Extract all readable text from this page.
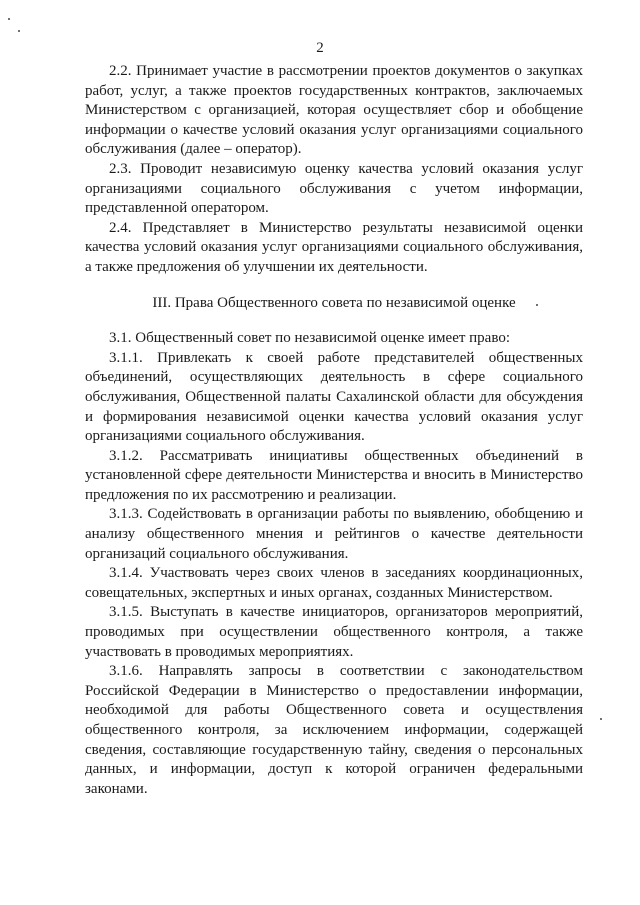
2

2.2. Принимает участие в рассмотрении проектов документов о закупках работ, услуг, а также проектов государственных контрактов, заключаемых Министерством с организацией, которая осуществляет сбор и обобщение информации о качестве условий оказания услуг организациями социального обслуживания (далее – оператор).

2.3. Проводит независимую оценку качества условий оказания услуг организациями социального обслуживания с учетом информации, представленной оператором.

2.4. Представляет в Министерство результаты независимой оценки качества условий оказания услуг организациями социального обслуживания, а также предложения об улучшении их деятельности.

III. Права Общественного совета по независимой оценке

3.1. Общественный совет по независимой оценке имеет право:

3.1.1. Привлекать к своей работе представителей общественных объединений, осуществляющих деятельность в сфере социального обслуживания, Общественной палаты Сахалинской области для обсуждения и формирования независимой оценки качества условий оказания услуг организациями социального обслуживания.

3.1.2. Рассматривать инициативы общественных объединений в установленной сфере деятельности Министерства и вносить в Министерство предложения по их рассмотрению и реализации.

3.1.3. Содействовать в организации работы по выявлению, обобщению и анализу общественного мнения и рейтингов о качестве деятельности организаций социального обслуживания.

3.1.4. Участвовать через своих членов в заседаниях координационных, совещательных, экспертных и иных органах, созданных Министерством.

3.1.5. Выступать в качестве инициаторов, организаторов мероприятий, проводимых при осуществлении общественного контроля, а также участвовать в проводимых мероприятиях.

3.1.6. Направлять запросы в соответствии с законодательством Российской Федерации в Министерство о предоставлении информации, необходимой для работы Общественного совета и осуществления общественного контроля, за исключением информации, содержащей сведения, составляющие государственную тайну, сведения о персональных данных, и информации, доступ к которой ограничен федеральными законами.
